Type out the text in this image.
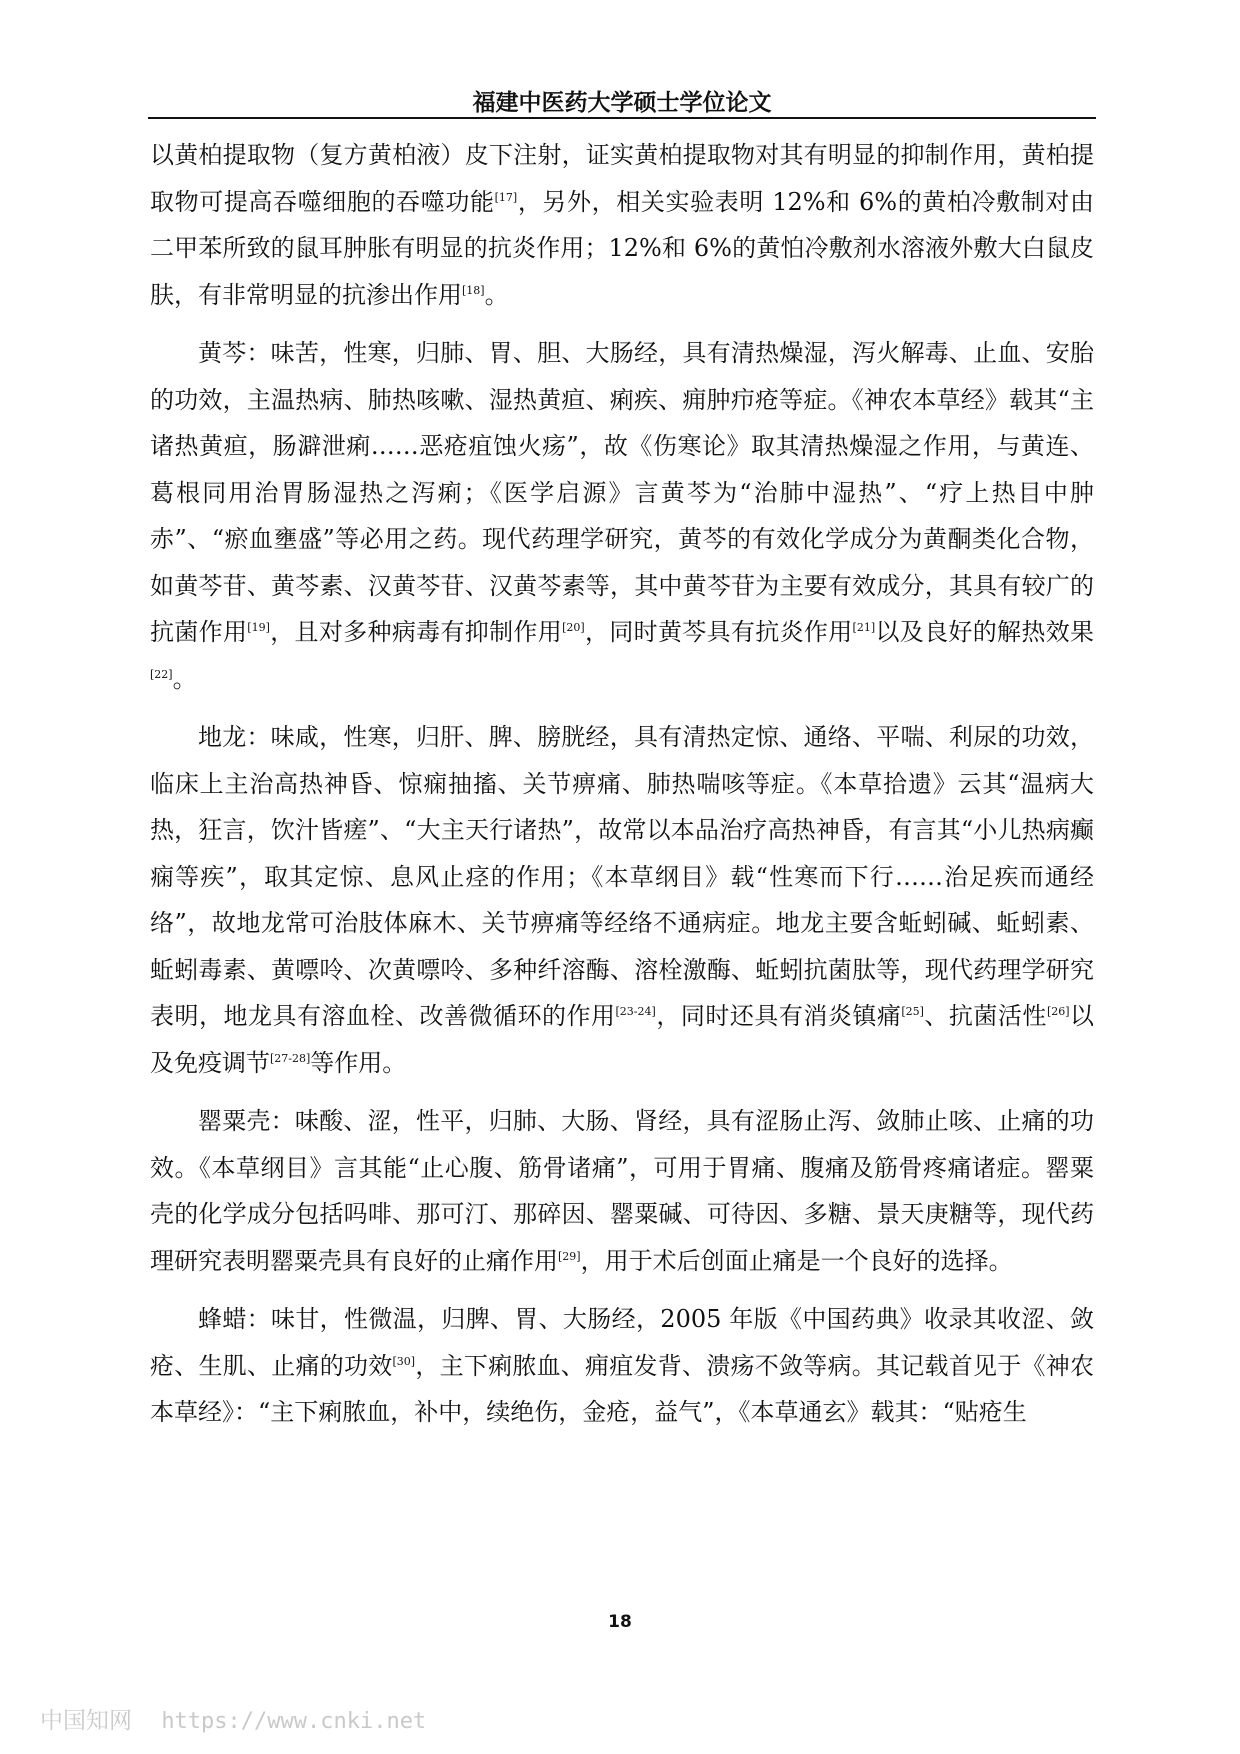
福建中医药大学硕士学位论文

以黄柏提取物（复方黄柏液）皮下注射，证实黄柏提取物对其有明显的抑制作用，黄柏提取物可提高吞噬细胞的吞噬功能[17]，另外，相关实验表明 12%和 6%的黄柏冷敷制对由二甲苯所致的鼠耳肿胀有明显的抗炎作用；12%和 6%的黄怕冷敷剂水溶液外敷大白鼠皮肤，有非常明显的抗渗出作用[18]。

黄芩：味苦，性寒，归肺、胃、胆、大肠经，具有清热燥湿，泻火解毒、止血、安胎的功效，主温热病、肺热咳嗽、湿热黄疸、痢疾、痈肿疖疮等症。《神农本草经》载其“主诸热黄疸，肠澼泄痢……恶疮疽蚀火疡”，故《伤寒论》取其清热燥湿之作用，与黄连、葛根同用治胃肠湿热之泻痢；《医学启源》言黄芩为“治肺中湿热”、“疗上热目中肿赤”、“瘀血壅盛”等必用之药。现代药理学研究，黄芩的有效化学成分为黄酮类化合物，如黄芩苷、黄芩素、汉黄芩苷、汉黄芩素等，其中黄芩苷为主要有效成分，其具有较广的抗菌作用[19]，且对多种病毒有抑制作用[20]，同时黄芩具有抗炎作用[21]以及良好的解热效果[22]。

地龙：味咸，性寒，归肝、脾、膀胱经，具有清热定惊、通络、平喘、利尿的功效，临床上主治高热神昏、惊痫抽搐、关节痹痛、肺热喘咳等症。《本草拾遗》云其“温病大热，狂言，饮汁皆瘥”、“大主天行诸热”，故常以本品治疗高热神昏，有言其“小儿热病癫痫等疾”，取其定惊、息风止痉的作用；《本草纲目》载“性寒而下行……治足疾而通经络”，故地龙常可治肢体麻木、关节痹痛等经络不通病症。地龙主要含蚯蚓碱、蚯蚓素、蚯蚓毒素、黄嘌呤、次黄嘌呤、多种纤溶酶、溶栓激酶、蚯蚓抗菌肽等，现代药理学研究表明，地龙具有溶血栓、改善微循环的作用[23-24]，同时还具有消炎镇痛[25]、抗菌活性[26]以及免疫调节[27-28]等作用。

罂粟壳：味酸、涩，性平，归肺、大肠、肾经，具有涩肠止泻、敛肺止咳、止痛的功效。《本草纲目》言其能“止心腹、筋骨诸痛”，可用于胃痛、腹痛及筋骨疼痛诸症。罂粟壳的化学成分包括吗啡、那可汀、那碎因、罂粟碱、可待因、多糖、景天庚糖等，现代药理研究表明罂粟壳具有良好的止痛作用[29]，用于术后创面止痛是一个良好的选择。

蜂蜡：味甘，性微温，归脾、胃、大肠经，2005 年版《中国药典》收录其收涩、敛疮、生肌、止痛的功效[30]，主下痢脓血、痈疽发背、溃疡不敛等病。其记载首见于《神农本草经》：“主下痢脓血，补中，续绝伤，金疮，益气”，《本草通玄》载其：“贴疮生

18
中国知网 https://www.cnki.net
